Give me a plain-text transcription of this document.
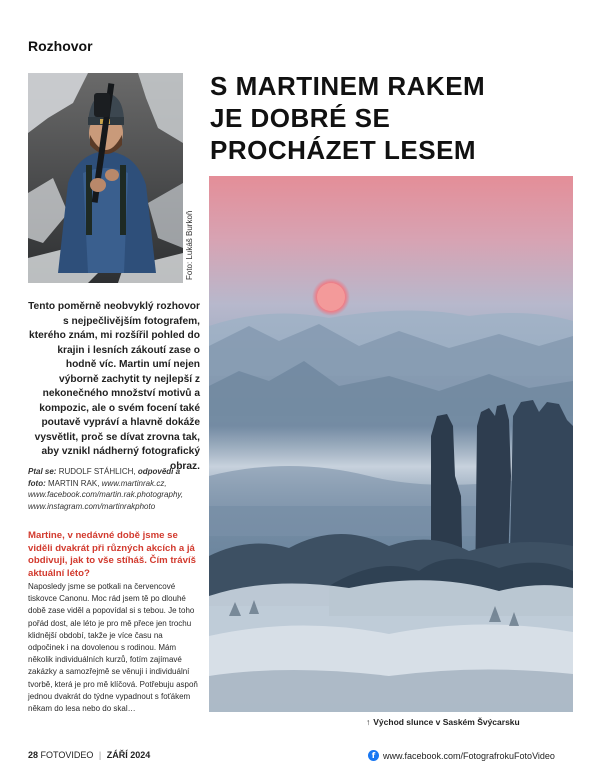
Rozhovor
Foto: Lukáš Burkoň
S MARTINEM RAKEM
JE DOBRÉ SE
PROCHÁZET LESEM
Tento poměrně neobvyklý rozhovor s nejpečlivějším fotografem, kterého znám, mi rozšířil pohled do krajin i lesních zákoutí zase o hodně víc. Martin umí nejen výborně zachytit ty nejlepší z nekonečného množství motivů a kompozic, ale o svém focení také poutavě vypráví a hlavně dokáže vysvětlit, proč se dívat zrovna tak, aby vznikl nádherný fotografický obraz.
Ptal se: RUDOLF STÁHLICH, odpovědi a foto: MARTIN RAK, www.martinrak.cz, www.facebook.com/martin.rak.photography, www.instagram.com/martinrakphoto
Martine, v nedávné době jsme se viděli dvakrát při různých akcích a já obdivuji, jak to vše stíháš. Čím trávíš aktuální léto?
Naposledy jsme se potkali na červencové tiskovce Canonu. Moc rád jsem tě po dlouhé době zase viděl a popovídal si s tebou. Je toho pořád dost, ale léto je pro mě přece jen trochu klidnější období, takže je více času na odpočinek i na dovolenou s rodinou. Mám několik individuálních kurzů, fotím zajímavé zakázky a samozřejmě se věnuji i individuální tvorbě, která je pro mě klíčová. Potřebuju aspoň jednou dvakrát do týdne vypadnout s foťákem někam do lesa nebo do skal…
↑ Východ slunce v Saském Švýcarsku
28 FOTOVIDEO | ZÁŘÍ 2024	f www.facebook.com/FotografrokuFotoVideo
